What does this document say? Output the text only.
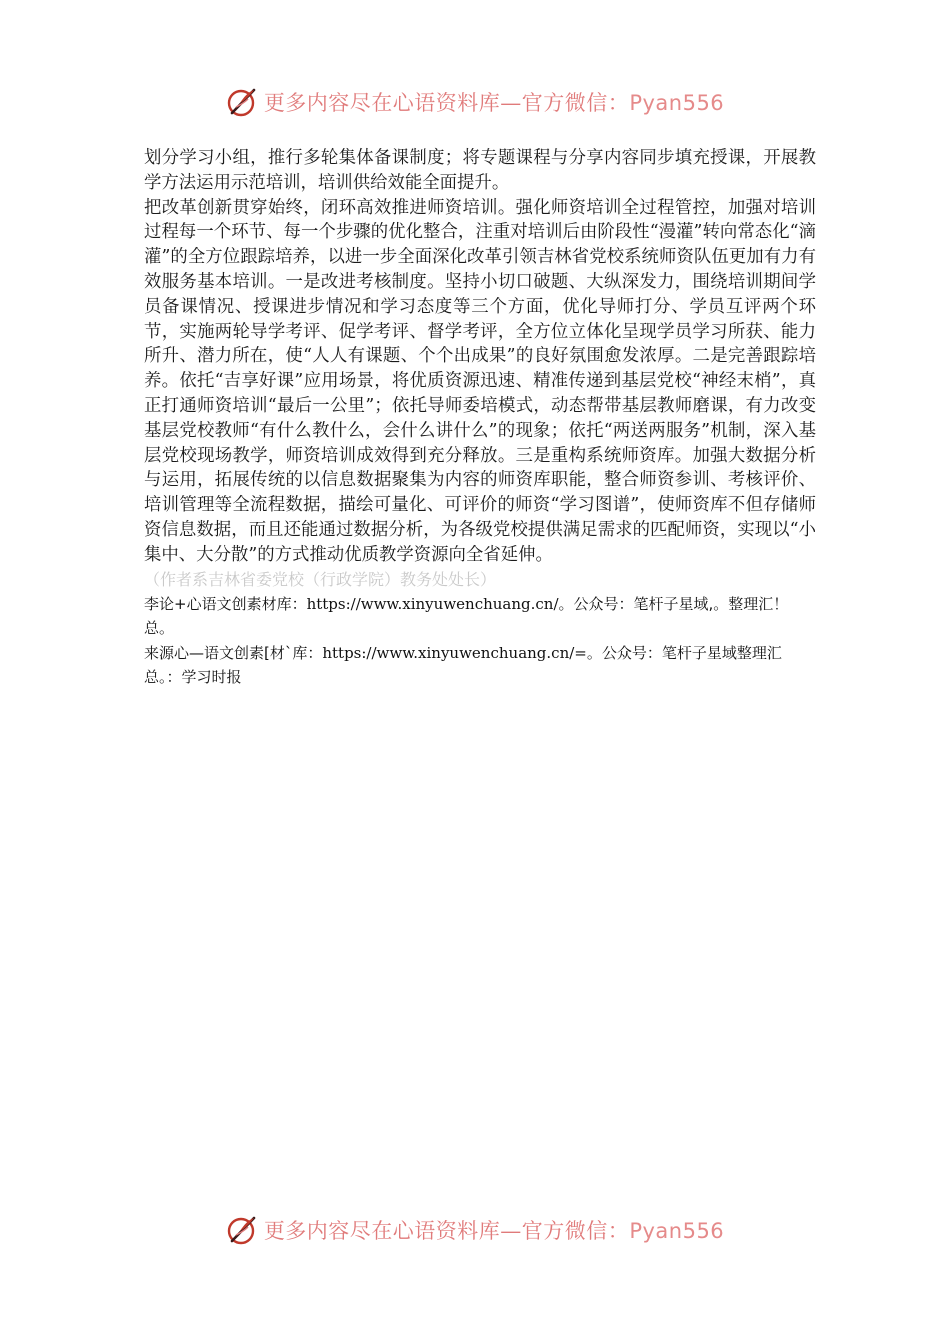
更多内容尽在心语资料库—官方微信：Pyan556

划分学习小组，推行多轮集体备课制度；将专题课程与分享内容同步填充授课，开展教学方法运用示范培训，培训供给效能全面提升。

把改革创新贯穿始终，闭环高效推进师资培训。强化师资培训全过程管控，加强对培训过程每一个环节、每一个步骤的优化整合，注重对培训后由阶段性“漫灌”转向常态化“滴灌”的全方位跟踪培养，以进一步全面深化改革引领吉林省党校系统师资队伍更加有力有效服务基本培训。一是改进考核制度。坚持小切口破题、大纵深发力，围绕培训期间学员备课情况、授课进步情况和学习态度等三个方面，优化导师打分、学员互评两个环节，实施两轮导学考评、促学考评、督学考评，全方位立体化呈现学员学习所获、能力所升、潜力所在，使“人人有课题、个个出成果”的良好氛围愈发浓厚。二是完善跟踪培养。依托“吉享好课”应用场景，将优质资源迅速、精准传递到基层党校“神经末梢”，真正打通师资培训“最后一公里”；依托导师委培模式，动态帮带基层教师磨课，有力改变基层党校教师“有什么教什么，会什么讲什么”的现象；依托“两送两服务”机制，深入基层党校现场教学，师资培训成效得到充分释放。三是重构系统师资库。加强大数据分析与运用，拓展传统的以信息数据聚集为内容的师资库职能，整合师资参训、考核评价、培训管理等全流程数据，描绘可量化、可评价的师资“学习图谱”，使师资库不但存储师资信息数据，而且还能通过数据分析，为各级党校提供满足需求的匹配师资，实现以“小集中、大分散”的方式推动优质教学资源向全省延伸。

（作者系吉林省委党校（行政学院）教务处处长）

李论+心语文创素材库：https://www.xinyuwenchuang.cn/。公众号：笔杆子星域,。整理汇！总。

来源心—语文创素[材`库：https://www.xinyuwenchuang.cn/=。公众号：笔杆子星域整理汇总。：学习时报

更多内容尽在心语资料库—官方微信：Pyan556
